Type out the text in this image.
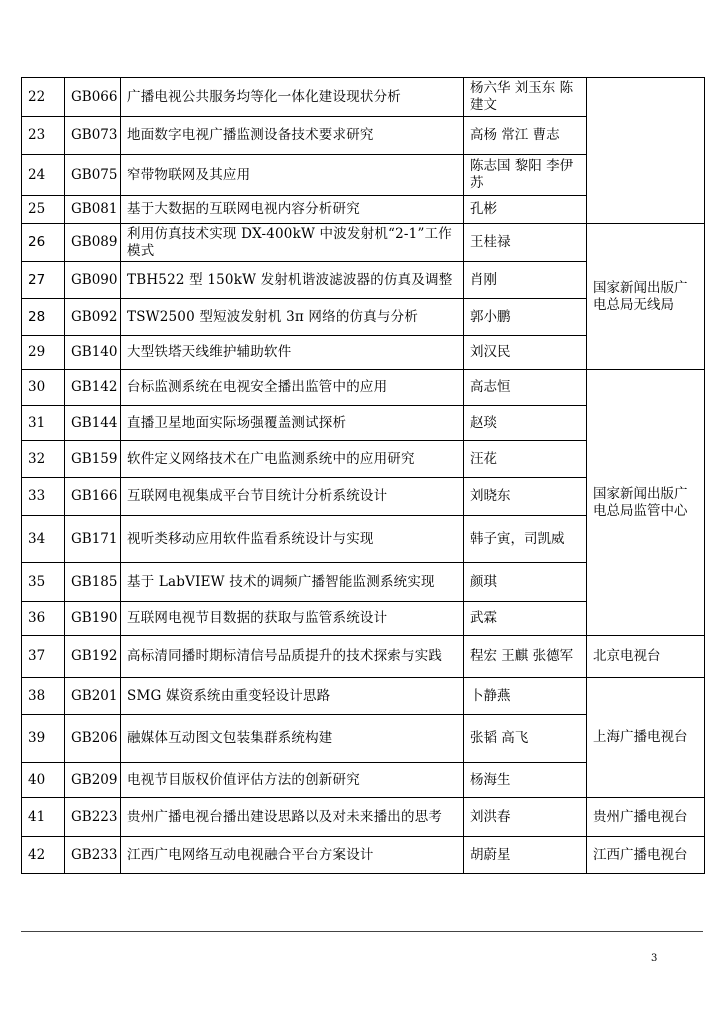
22	GB066	广播电视公共服务均等化一体化建设现状分析	杨六华 刘玉东 陈建文	
23	GB073	地面数字电视广播监测设备技术要求研究	高杨 常江 曹志	
24	GB075	窄带物联网及其应用	陈志国 黎阳 李伊苏	
25	GB081	基于大数据的互联网电视内容分析研究	孔彬	
26	GB089	利用仿真技术实现 DX-400kW 中波发射机“2-1”工作模式	王桂禄	国家新闻出版广电总局无线局
27	GB090	TBH522 型 150kW 发射机谐波滤波器的仿真及调整	肖刚	
28	GB092	TSW2500 型短波发射机 3π 网络的仿真与分析	郭小鹏	
29	GB140	大型铁塔天线维护辅助软件	刘汉民	
30	GB142	台标监测系统在电视安全播出监管中的应用	高志恒	国家新闻出版广电总局监管中心
31	GB144	直播卫星地面实际场强覆盖测试探析	赵琰	
32	GB159	软件定义网络技术在广电监测系统中的应用研究	汪花	
33	GB166	互联网电视集成平台节目统计分析系统设计	刘晓东	
34	GB171	视听类移动应用软件监看系统设计与实现	韩子寅，司凯威	
35	GB185	基于 LabVIEW 技术的调频广播智能监测系统实现	颜琪	
36	GB190	互联网电视节目数据的获取与监管系统设计	武霖	
37	GB192	高标清同播时期标清信号品质提升的技术探索与实践	程宏 王麒 张德军	北京电视台
38	GB201	SMG 媒资系统由重变轻设计思路	卜静燕	上海广播电视台
39	GB206	融媒体互动图文包装集群系统构建	张韬 高飞	
40	GB209	电视节目版权价值评估方法的创新研究	杨海生	
41	GB223	贵州广播电视台播出建设思路以及对未来播出的思考	刘洪春	贵州广播电视台
42	GB233	江西广电网络互动电视融合平台方案设计	胡蔚星	江西广播电视台
3
